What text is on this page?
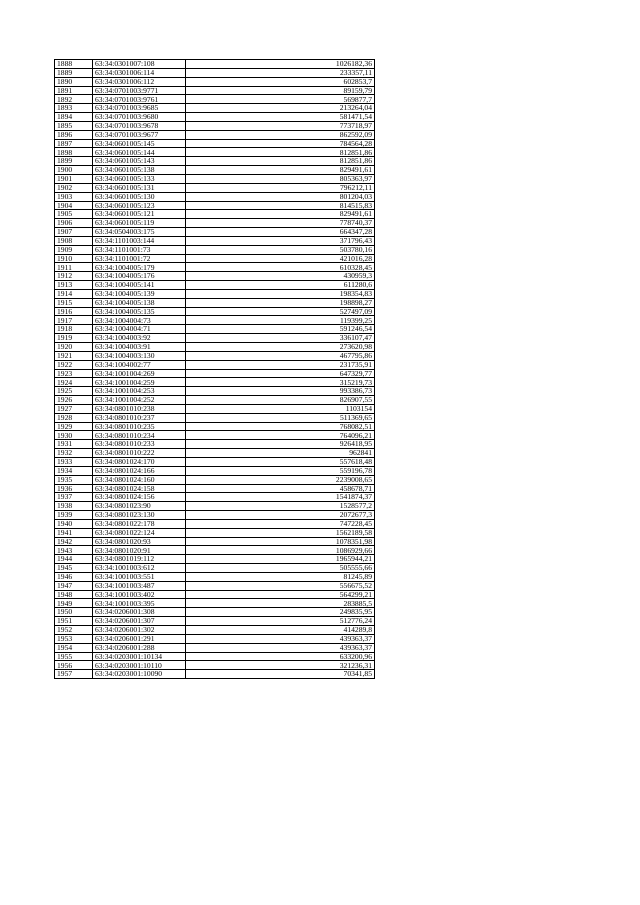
1888	63:34:0301007:108	1026182,36
1889	63:34:0301006:114	233357,11
1890	63:34:0301006:112	602853,7
1891	63:34:0701003:9771	89159,79
1892	63:34:0701003:9761	569877,7
1893	63:34:0701003:9685	213264,04
1894	63:34:0701003:9680	581471,54
1895	63:34:0701003:9678	773718,97
1896	63:34:0701003:9677	862592,09
1897	63:34:0601005:145	784564,28
1898	63:34:0601005:144	812851,86
1899	63:34:0601005:143	812851,86
1900	63:34:0601005:138	829491,61
1901	63:34:0601005:133	805363,97
1902	63:34:0601005:131	796212,11
1903	63:34:0601005:130	801204,03
1904	63:34:0601005:123	814515,83
1905	63:34:0601005:121	829491,61
1906	63:34:0601005:119	778740,37
1907	63:34:0504003:175	664347,28
1908	63:34:1101003:144	371796,43
1909	63:34:1101001:73	503780,16
1910	63:34:1101001:72	421016,28
1911	63:34:1004005:179	610328,45
1912	63:34:1004005:176	430959,3
1913	63:34:1004005:141	611280,6
1914	63:34:1004005:139	198354,83
1915	63:34:1004005:138	198898,27
1916	63:34:1004005:135	527497,09
1917	63:34:1004004:73	119399,25
1918	63:34:1004004:71	591246,54
1919	63:34:1004003:92	336107,47
1920	63:34:1004003:91	273620,98
1921	63:34:1004003:130	467795,86
1922	63:34:1004002:77	231735,91
1923	63:34:1001004:269	647329,77
1924	63:34:1001004:259	315219,73
1925	63:34:1001004:253	993386,73
1926	63:34:1001004:252	826907,55
1927	63:34:0801010:238	1103154
1928	63:34:0801010:237	511369,65
1929	63:34:0801010:235	768082,51
1930	63:34:0801010:234	764096,21
1931	63:34:0801010:233	926418,95
1932	63:34:0801010:222	962841
1933	63:34:0801024:170	557618,48
1934	63:34:0801024:166	559196,78
1935	63:34:0801024:160	2239008,65
1936	63:34:0801024:158	458678,71
1937	63:34:0801024:156	1541874,37
1938	63:34:0801023:90	1528577,2
1939	63:34:0801023:130	2072677,3
1940	63:34:0801022:178	747228,45
1941	63:34:0801022:124	1562189,58
1942	63:34:0801020:93	1078351,98
1943	63:34:0801020:91	1086929,66
1944	63:34:0801019:112	1965944,21
1945	63:34:1001003:612	505555,66
1946	63:34:1001003:551	81245,89
1947	63:34:1001003:487	556675,52
1948	63:34:1001003:402	564299,21
1949	63:34:1001003:395	283885,5
1950	63:34:0206001:308	249835,95
1951	63:34:0206001:307	512776,24
1952	63:34:0206001:302	414289,8
1953	63:34:0206001:291	439363,37
1954	63:34:0206001:288	439363,37
1955	63:34:0203001:10134	633200,96
1956	63:34:0203001:10110	321236,31
1957	63:34:0203001:10090	70341,85
